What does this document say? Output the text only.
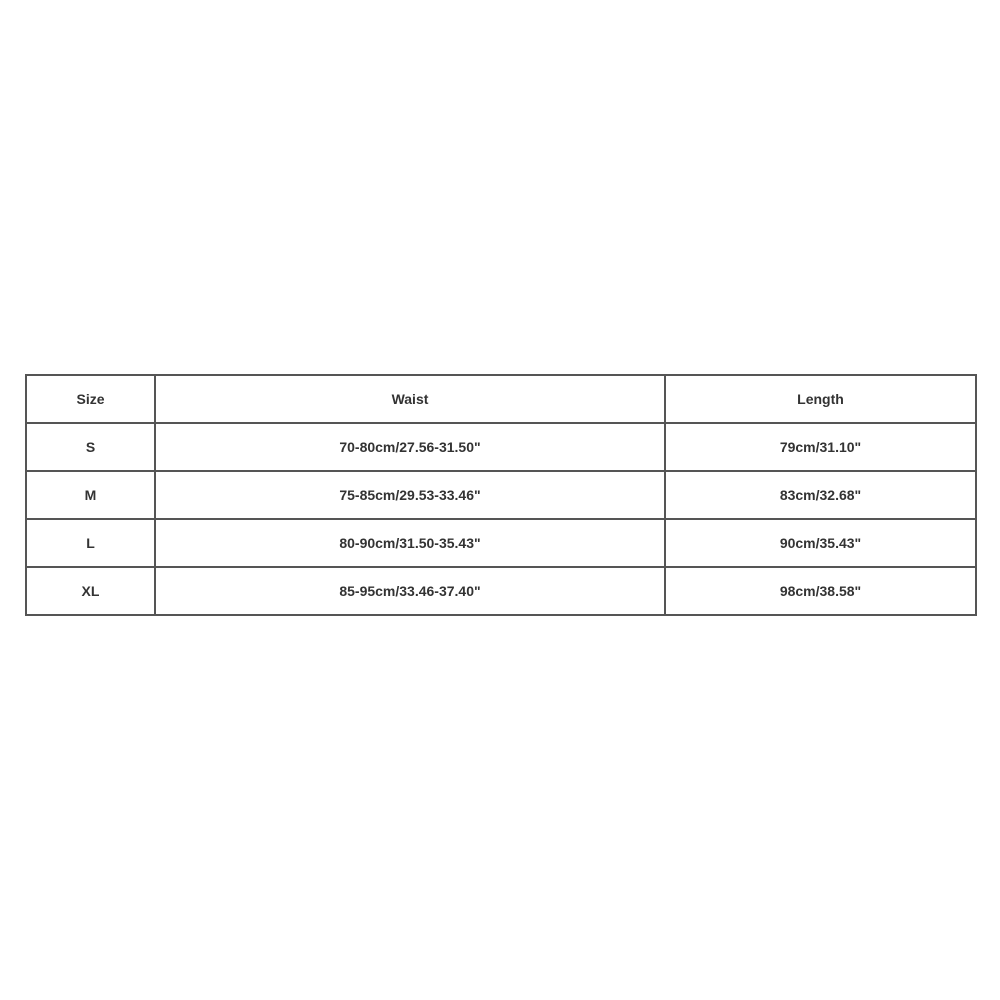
Size	Waist	Length
S	70-80cm/27.56-31.50"	79cm/31.10"
M	75-85cm/29.53-33.46"	83cm/32.68"
L	80-90cm/31.50-35.43"	90cm/35.43"
XL	85-95cm/33.46-37.40"	98cm/38.58"
